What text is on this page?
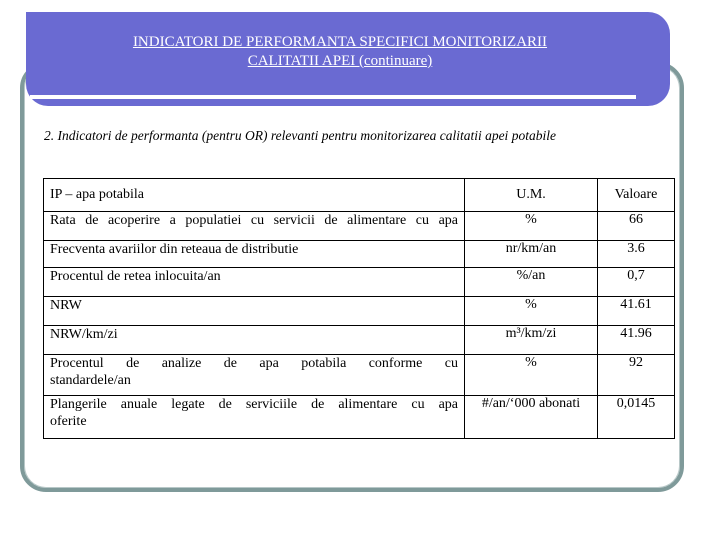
INDICATORI DE PERFORMANTA SPECIFICI MONITORIZARII
CALITATII APEI (continuare)
2. Indicatori de performanta (pentru OR) relevanti pentru monitorizarea calitatii apei potabile
IP – apa potabila	U.M.	Valoare
Rata de acoperire a populatiei cu servicii de alimentare cu apa	%	66
Frecventa avariilor din reteaua de distributie	nr/km/an	3.6
Procentul de retea inlocuita/an	%/an	0,7
NRW	%	41.61
NRW/km/zi	m³/km/zi	41.96
Procentul de analize de apa potabila conforme cu
standardele/an	%	92
Plangerile anuale legate de serviciile de alimentare cu apa
oferite	#/an/‘000 abonati	0,0145
